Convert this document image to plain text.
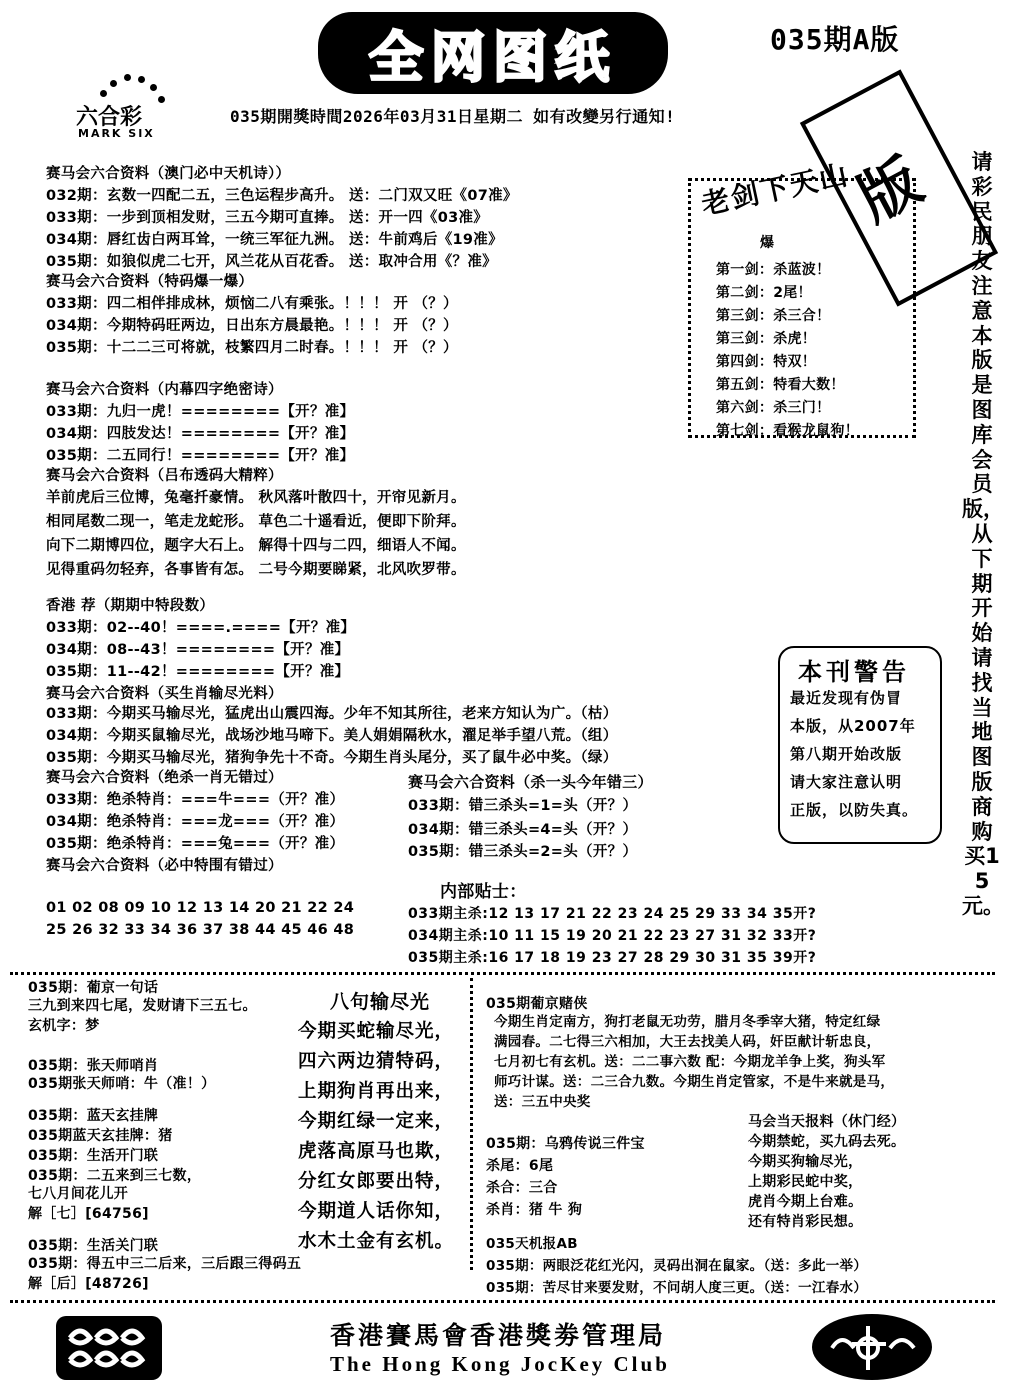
全网图纸	035期A版
六合彩
MARK SIX
035期開獎時間2026年03月31日星期二 如有改變另行通知!
版
老剑下天山
爆
第一剑：杀蓝波！
第二剑：2尾！
第三剑：杀三合！
第三剑：杀虎！
第四剑：特双！
第五剑：特看大数！
第六剑：杀三门！
第七剑：看猴龙鼠狗！
请彩民朋友注意本版是图库会员版，从下期开始请找当地图版商购买15元。
本刊警告
最近发现有伪冒
本版，从2007年
第八期开始改版
请大家注意认明
正版，以防失真。
赛马会六合资料（澳门必中天机诗））
032期：玄数一四配二五，三色运程步高升。 送：二门双又旺《07准》
033期：一步到顶相发财，三五今期可直捧。 送：开一四《03准》
034期：唇红齿白两耳耸，一统三军征九洲。 送：牛前鸡后《19准》
035期：如狼似虎二七开，风兰花从百花香。 送：取冲合用《？准》
赛马会六合资料（特码爆一爆）
033期：四二相伴排成林，烦恼二八有乘张。！！！ 开 （？）
034期：今期特码旺两边，日出东方晨最艳。！！！ 开 （？）
035期：十二二三可将就，枝繁四月二时春。！！！ 开 （？）
赛马会六合资料（内幕四字绝密诗）
033期：九归一虎！========【开？准】
034期：四肢发达！========【开？准】
035期：二五同行！========【开？准】
赛马会六合资料（吕布透码大精粹）
羊前虎后三位博，兔毫扦豪情。 秋风落叶散四十，开帘见新月。
相同尾数二现一，笔走龙蛇形。 草色二十遥看近，便即下阶拜。
向下二期博四位，题字大石上。 解得十四与二四，细语人不闻。
见得重码勿轻弃，各事皆有怎。 二号今期要睇紧，北风吹罗带。
香港 荐（期期中特段数）
033期：02--40！====.====【开？准】
034期：08--43！========【开？准】
035期：11--42！========【开？准】
赛马会六合资料（买生肖输尽光料）
033期：今期买马输尽光，猛虎出山震四海。少年不知其所往，老来方知认为广。（枯）
034期：今期买鼠输尽光，战场沙地马啼下。美人娟娟隔秋水，濯足举手望八荒。（组）
035期：今期买马输尽光，猪狗争先十不奇。今期生肖头尾分，买了鼠牛必中奖。（绿）
赛马会六合资料（绝杀一肖无错过）
033期：绝杀特肖：===牛===（开？准）
034期：绝杀特肖：===龙===（开？准）
035期：绝杀特肖：===兔===（开？准）
赛马会六合资料（必中特围有错过）
01 02 08 09 10 12 13 14 20 21 22 24
25 26 32 33 34 36 37 38 44 45 46 48
赛马会六合资料（杀一头今年错三）
033期：错三杀头=1=头（开？）
034期：错三杀头=4=头（开？）
035期：错三杀头=2=头（开？）
内部贴士：
033期主杀:12 13 17 21 22 23 24 25 29 33 34 35开?
034期主杀:10 11 15 19 20 21 22 23 27 31 32 33开?
035期主杀:16 17 18 19 23 27 28 29 30 31 35 39开?
035期：葡京一句话
三九到来四七尾，发财请下三五七。
玄机字：梦
035期：张天师哨肖
035期张天师哨：牛（准！）
035期：蓝天玄挂牌
035期蓝天玄挂牌：猪
035期：生活开门联
035期：二五来到三七数，
七八月间花儿开
解［七］[64756]
035期：生活关门联
035期：得五中三二后来，三后跟三得码五
解［后］[48726]
八句输尽光
今期买蛇输尽光，
四六两边猜特码，
上期狗肖再出来，
今期红绿一定来，
虎落高原马也欺，
分红女郎要出特，
今期道人话你知，
水木土金有玄机。
035期葡京赌侠
今期生肖定南方，狗打老鼠无功劳，腊月冬季宰大猪，特定红绿
满园春。二七得三六相加，大王去找美人码，奸臣献计斩忠良，
七月初七有玄机。送：二二事六数 配：今期龙羊争上奖，狗头军
师巧计谋。送：二三合九数。今期生肖定管家，不是牛来就是马，
送：三五中央奖
035期：乌鸦传说三件宝
杀尾：6尾
杀合：三合
杀肖：猪 牛 狗
马会当天报料（休门经）
今期禁蛇，买九码去死。
今期买狗输尽光，
上期彩民蛇中奖，
虎肖今期上台难。
还有特肖彩民想。
035天机报AB
035期：两眼泛花红光闪，灵码出洞在鼠家。（送：多此一举）
035期：苦尽甘来要发财，不问胡人度三更。（送：一江春水）
香港賽馬會香港獎劵管理局
The Hong Kong JocKey Club
